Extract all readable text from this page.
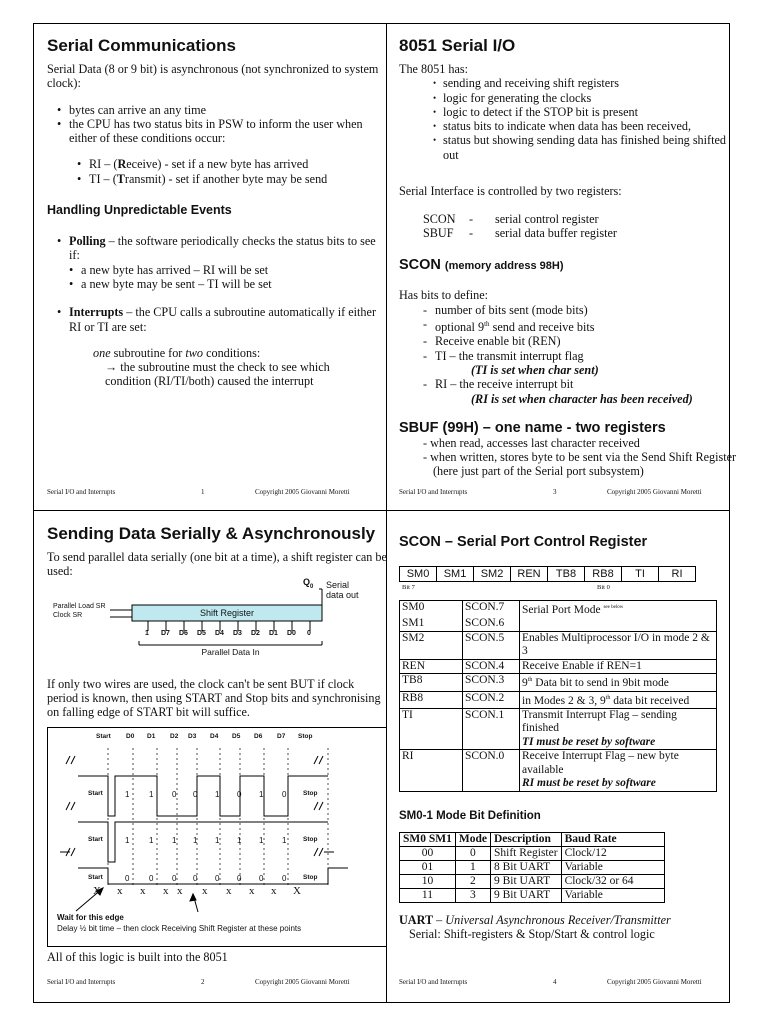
Serial Communications
Serial Data (8 or 9 bit) is asynchronous (not synchronized to system clock):
• bytes can arrive an any time
• the CPU has two status bits in PSW to inform the user when either of these conditions occur:
• RI – (Receive) - set if a new byte has arrived
• TI – (Transmit) - set if another byte may be send
Handling Unpredictable Events
• Polling – the software periodically checks the status bits to see if:
• a new byte has arrived – RI will be set
• a new byte may be sent – TI will be set
• Interrupts – the CPU calls a subroutine automatically if either RI or TI are set:
one subroutine for two conditions:
→ the subroutine must the check to see which condition (RI/TI/both) caused the interrupt
Serial I/O and Interrupts	1	Copyright 2005 Giovanni Moretti
8051 Serial I/O
The 8051 has:
• sending and receiving shift registers
• logic for generating the clocks
• logic to detect if the STOP bit is present
• status bits to indicate when data has been received,
• status but showing sending data has finished being shifted out
Serial Interface is controlled by two registers:
SCON - serial control register
SBUF - serial data buffer register
SCON (memory address 98H)
Has bits to define:
- number of bits sent (mode bits)
- optional 9th send and receive bits
- Receive enable bit (REN)
- TI – the transmit interrupt flag
(TI is set when char sent)
- RI – the receive interrupt bit
(RI is set when character has been received)
SBUF (99H) – one name - two registers
- when read, accesses last character received
- when written, stores byte to be sent via the Send Shift Register (here just part of the Serial port subsystem)
Serial I/O and Interrupts	3	Copyright 2005 Giovanni Moretti
Sending Data Serially & Asynchronously
To send parallel data serially (one bit at a time), a shift register can be used:
Shift Register
Parallel Load SR
Clock SR
$Q_0$ Serial data out
1 D7 D6 D5 D4 D3 D2 D1 D0 0
Parallel Data In
If only two wires are used, the clock can't be sent BUT if clock period is known, then using START and Stop bits and synchronising on falling edge of START bit will suffice.
Start D0 D1 D2 D3 D4 D5 D6 D7 Stop
Start	1 1 0 0 1 0 1 0	Stop
Start	1 1 1 1 1 1 1 1	Stop
Start	0 0 0 0 0 0 0 0	Stop
X x x x x x x x x X
Wait for this edge
Delay ½ bit time – then clock Receiving Shift Register at these points
All of this logic is built into the 8051
Serial I/O and Interrupts	2	Copyright 2005 Giovanni Moretti
SCON – Serial Port Control Register
SM0	SM1	SM2	REN	TB8	RB8	TI	RI
Bit 7	Bit 0
SM0	SCON.7	Serial Port Mode $^{see below}$
SM1	SCON.6	
SM2	SCON.5	Enables Multiprocessor I/O in mode 2 & 3
REN	SCON.4	Receive Enable if REN=1
TB8	SCON.3	9th Data bit to send in 9bit mode
RB8	SCON.2	in Modes 2 & 3, 9th data bit received
TI	SCON.1	Transmit Interrupt Flag – sending finished
TI must be reset by software
RI	SCON.0	Receive Interrupt Flag – new byte available
RI must be reset by software
SM0-1 Mode Bit Definition
SM0 SM1	Mode	Description	Baud Rate
00	0	Shift Register	Clock/12
01	1	8 Bit UART	Variable
10	2	9 Bit UART	Clock/32 or 64
11	3	9 Bit UART	Variable
UART – Universal Asynchronous Receiver/Transmitter
Serial: Shift-registers & Stop/Start & control logic
Serial I/O and Interrupts	4	Copyright 2005 Giovanni Moretti
